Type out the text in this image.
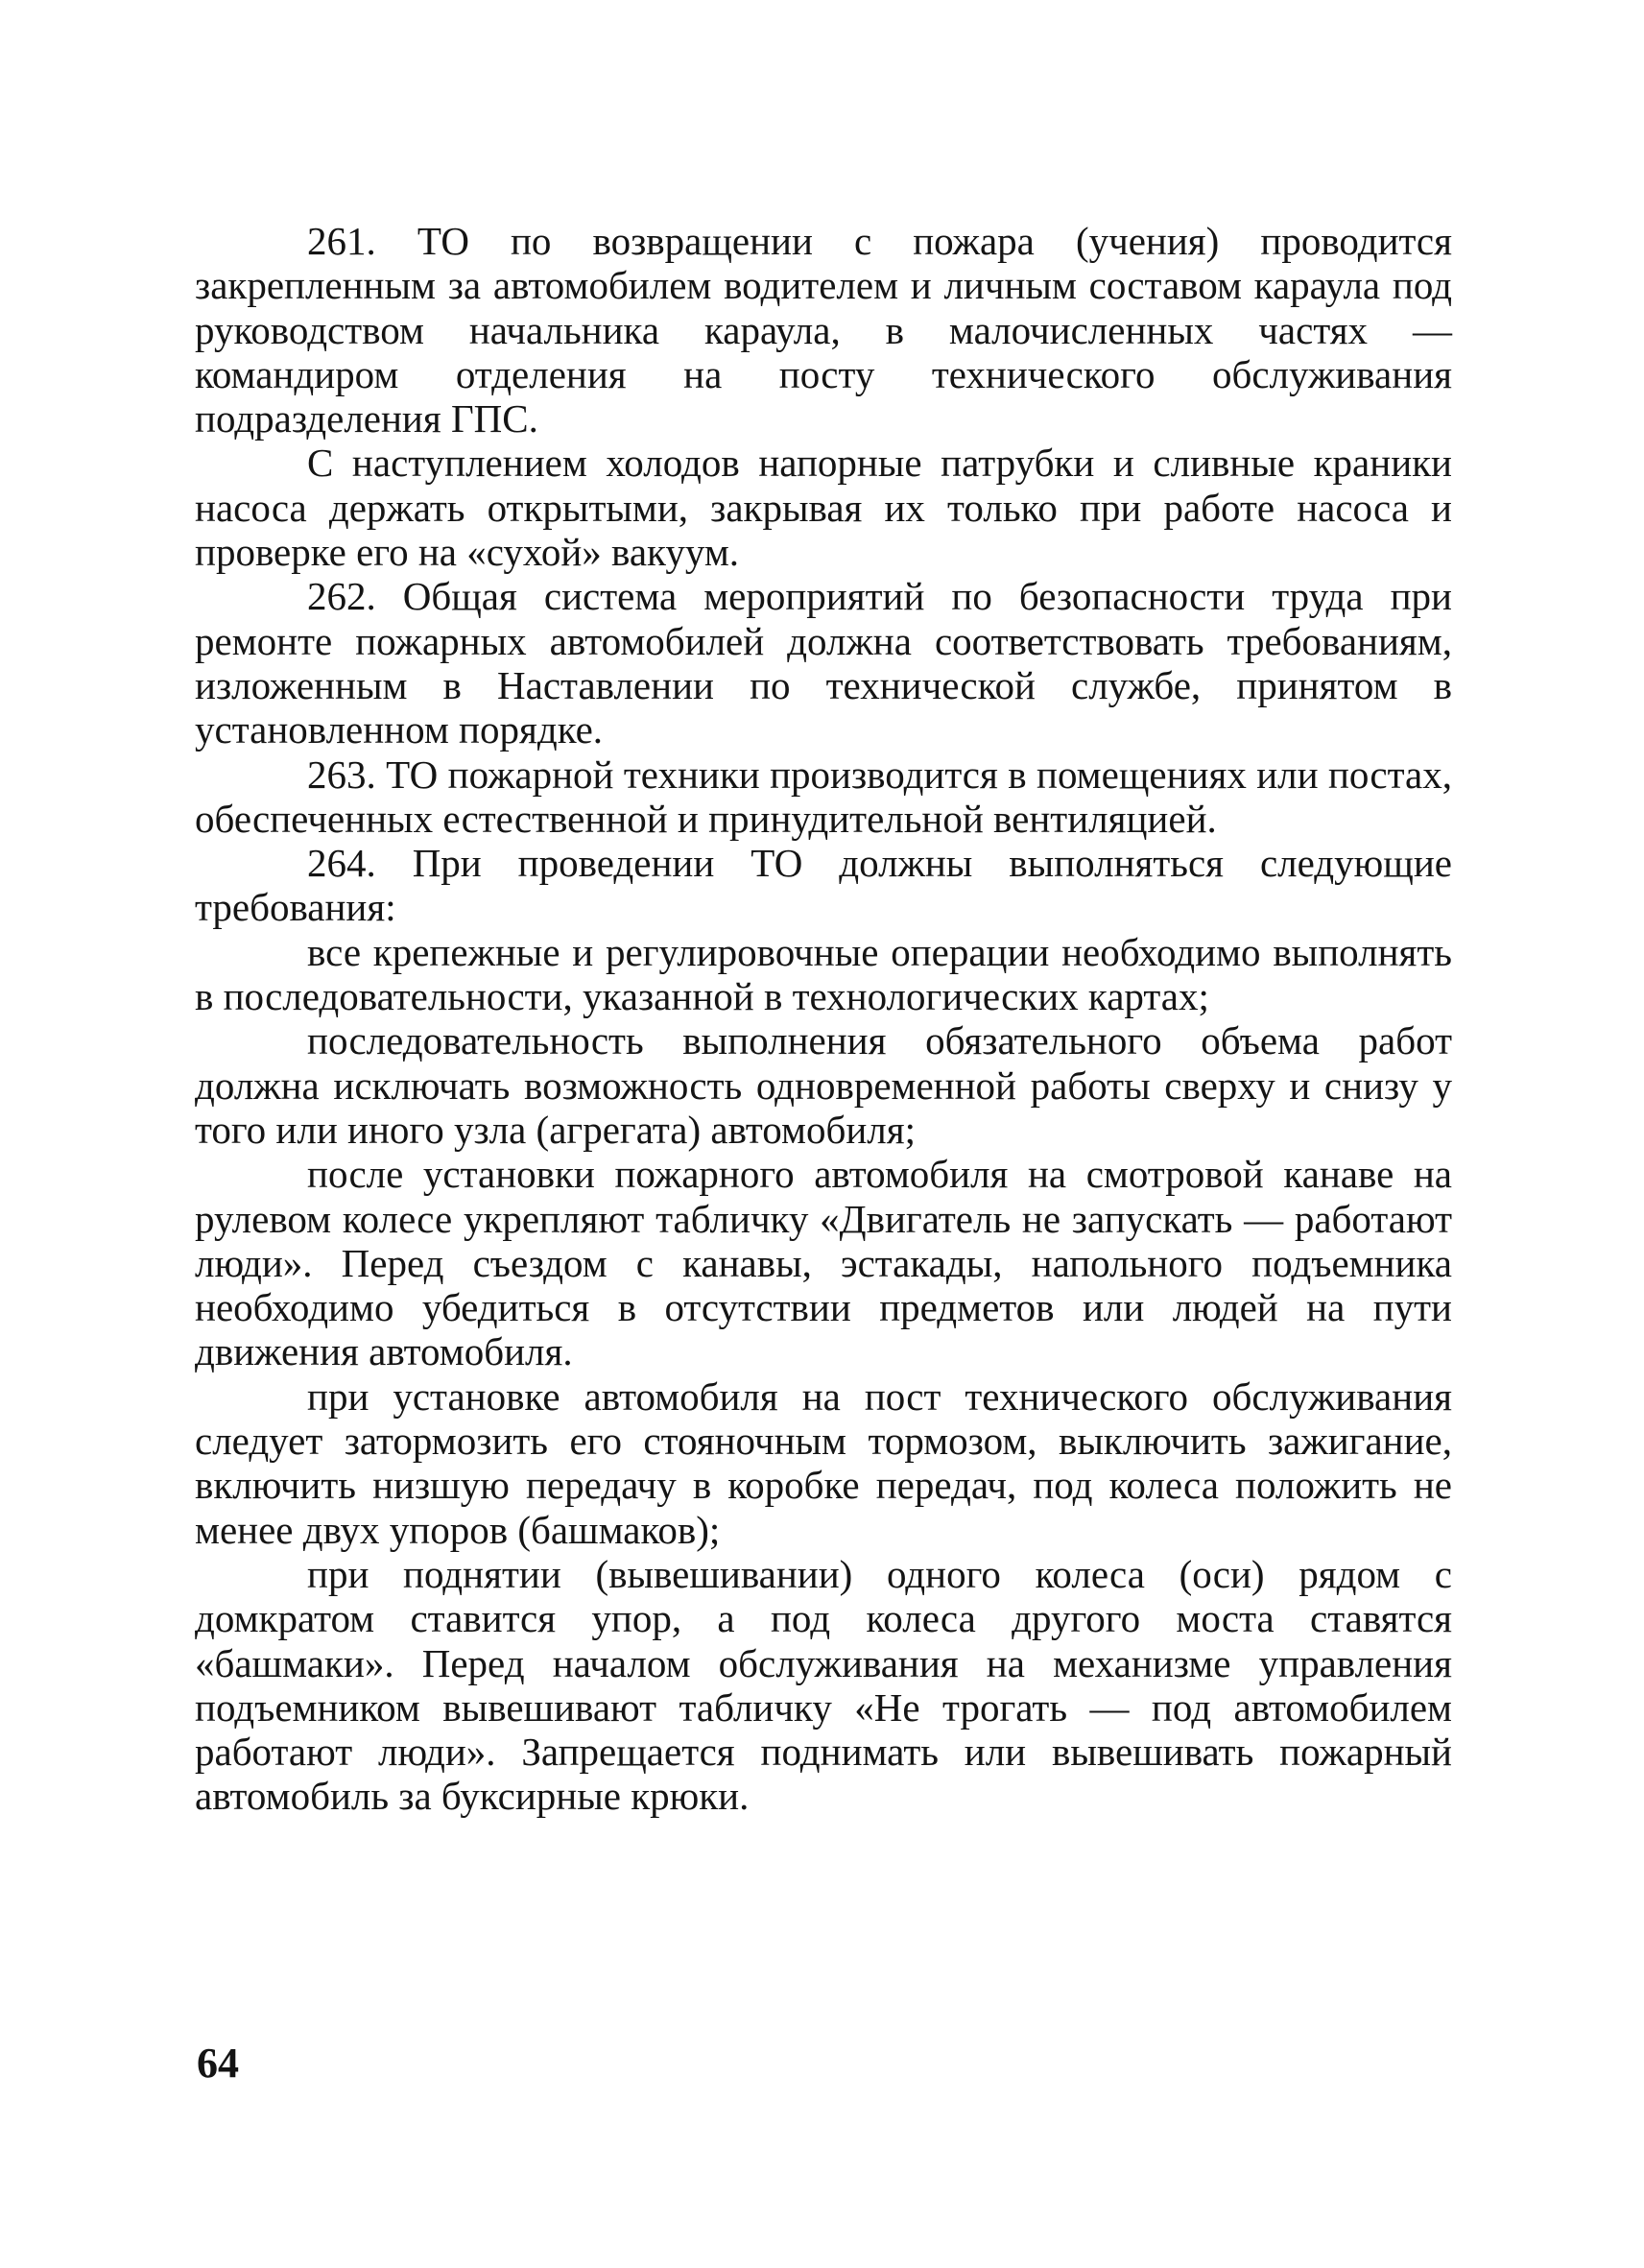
261. ТО по возвращении с пожара (учения) проводится закрепленным за автомобилем водителем и личным составом караула под руководством начальника караула, в малочисленных частях — командиром отделения на посту технического обслуживания подразделения ГПС.

С наступлением холодов напорные патрубки и сливные краники насоса держать открытыми, закрывая их только при работе насоса и проверке его на «сухой» вакуум.

262. Общая система мероприятий по безопасности труда при ремонте пожарных автомобилей должна соответствовать требованиям, изложенным в Наставлении по технической службе, принятом в установленном порядке.

263. ТО пожарной техники производится в помещениях или постах, обеспеченных естественной и принудительной вентиляцией.

264. При проведении ТО должны выполняться следующие требования:

все крепежные и регулировочные операции необходимо выполнять в последовательности, указанной в технологических картах;

последовательность выполнения обязательного объема работ должна исключать возможность одновременной работы сверху и снизу у того или иного узла (агрегата) автомобиля;

после установки пожарного автомобиля на смотровой канаве на рулевом колесе укрепляют табличку «Двигатель не запускать — работают люди». Перед съездом с канавы, эстакады, напольного подъемника необходимо убедиться в отсутствии предметов или людей на пути движения автомобиля.

при установке автомобиля на пост технического обслуживания следует затормозить его стояночным тормозом, выключить зажигание, включить низшую передачу в коробке передач, под колеса положить не менее двух упоров (башмаков);

при поднятии (вывешивании) одного колеса (оси) рядом с домкратом ставится упор, а под колеса другого моста ставятся «башмаки». Перед началом обслуживания на механизме управления подъемником вывешивают табличку «Не трогать — под автомобилем работают люди». Запрещается поднимать или вывешивать пожарный автомобиль за буксирные крюки.

64
